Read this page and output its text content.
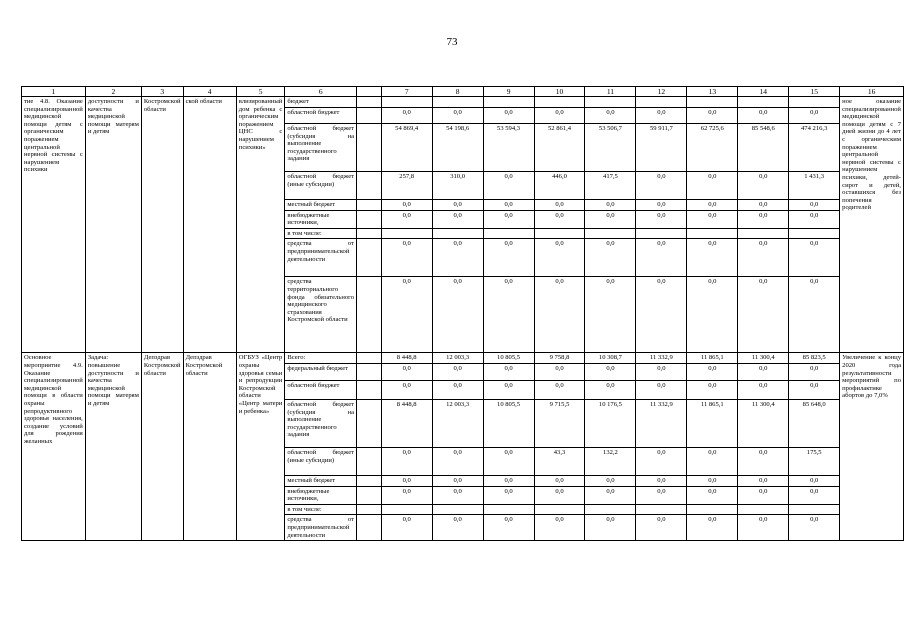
73
1	2	3	4	5	6		7	8	9	10	11	12	13	14	15	16
тие 4.8. Оказание специализированной медицинской помощи детям с органическим поражением центральной нервной системы с нарушением психики	доступности и качества медицинской помощи матерям и детям	Костромской области	ской области	влизированный дом ребенка с органическим поражением ЦНС с нарушением психики»	бюджет											ное оказание специализированной медицинской помощи детям с 7 дней жизни до 4 лет с органическим поражением центральной нервной системы с нарушением психики, детей-сирот и детей, оставшихся без попечения родителей
					областной бюджет		0,0	0,0	0,0	0,0	0,0	0,0	0,0	0,0	0,0	
					областной бюджет (субсидия на выполнение государственного задания		54 869,4	54 198,6	53 594,3	52 861,4	53 506,7	59 911,7	62 725,6	85 548,6	474 216,3	
					областной бюджет (иные субсидии)		257,8	310,0	0,0	446,0	417,5	0,0	0,0	0,0	1 431,3	
					местный бюджет		0,0	0,0	0,0	0,0	0,0	0,0	0,0	0,0	0,0	
					внебюджетные источники,		0,0	0,0	0,0	0,0	0,0	0,0	0,0	0,0	0,0	
					в том числе:											
					средства от предпринимательской деятельности		0,0	0,0	0,0	0,0	0,0	0,0	0,0	0,0	0,0	
					средства территориального фонда обязательного медицинского страхования Костромской области		0,0	0,0	0,0	0,0	0,0	0,0	0,0	0,0	0,0	
Основное мероприятие 4.9. Оказание специализированной медицинской помощи в области охраны репродуктивного здоровья населения, создание условий для рождения желанных	Задача: повышение доступности и качества медицинской помощи матерям и детям	Депздрав Костромской области	Депздрав Костромской области	ОГБУЗ «Центр охраны здоровья семьи и репродукции Костромской области «Центр матери и ребенка»	Всего:		8 448,8	12 003,3	10 805,5	9 758,8	10 308,7	11 332,9	11 865,1	11 300,4	85 823,5	Увеличение к концу 2020 года результативности мероприятий по профилактике абортов до 7,0%
					федеральный бюджет		0,0	0,0	0,0	0,0	0,0	0,0	0,0	0,0	0,0	
					областной бюджет		0,0	0,0	0,0	0,0	0,0	0,0	0,0	0,0	0,0	
					областной бюджет (субсидия на выполнение государственного задания		8 448,8	12 003,3	10 805,5	9 715,5	10 176,5	11 332,9	11 865,1	11 300,4	85 648,0	
					областной бюджет (иные субсидии)		0,0	0,0	0,0	43,3	132,2	0,0	0,0	0,0	175,5	
					местный бюджет		0,0	0,0	0,0	0,0	0,0	0,0	0,0	0,0	0,0	
					внебюджетные источники,		0,0	0,0	0,0	0,0	0,0	0,0	0,0	0,0	0,0	
					в том числе:											
					средства от предпринимательской деятельности		0,0	0,0	0,0	0,0	0,0	0,0	0,0	0,0	0,0	
